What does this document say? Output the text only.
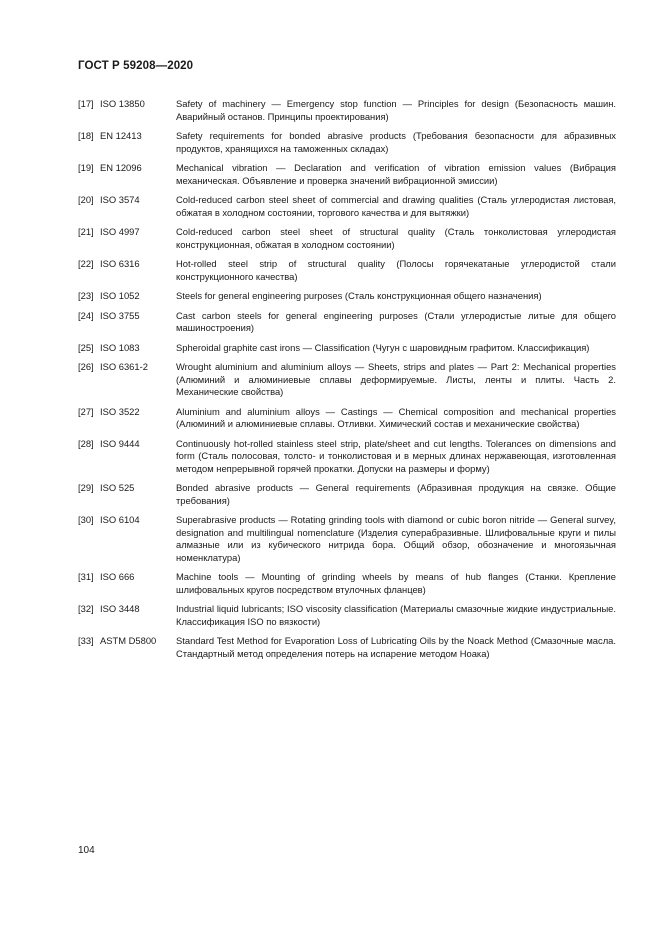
ГОСТ Р 59208—2020
[17] ISO 13850	Safety of machinery — Emergency stop function — Principles for design (Безопасность машин. Аварийный останов. Принципы проектирования)
[18] EN 12413	Safety requirements for bonded abrasive products (Требования безопасности для абразивных продуктов, хранящихся на таможенных складах)
[19] EN 12096	Mechanical vibration — Declaration and verification of vibration emission values (Вибрация механическая. Объявление и проверка значений вибрационной эмиссии)
[20] ISO 3574	Cold-reduced carbon steel sheet of commercial and drawing qualities (Сталь углеродистая листовая, обжатая в холодном состоянии, торгового качества и для вытяжки)
[21] ISO 4997	Cold-reduced carbon steel sheet of structural quality (Сталь тонколистовая углеродистая конструкционная, обжатая в холодном состоянии)
[22] ISO 6316	Hot-rolled steel strip of structural quality (Полосы горячекатаные углеродистой стали конструкционного качества)
[23] ISO 1052	Steels for general engineering purposes (Сталь конструкционная общего назначения)
[24] ISO 3755	Cast carbon steels for general engineering purposes (Стали углеродистые литые для общего машиностроения)
[25] ISO 1083	Spheroidal graphite cast irons — Classification (Чугун с шаровидным графитом. Классификация)
[26] ISO 6361-2	Wrought aluminium and aluminium alloys — Sheets, strips and plates — Part 2: Mechanical properties (Алюминий и алюминиевые сплавы деформируемые. Листы, ленты и плиты. Часть 2. Механические свойства)
[27] ISO 3522	Aluminium and aluminium alloys — Castings — Chemical composition and mechanical properties (Алюминий и алюминиевые сплавы. Отливки. Химический состав и механические свойства)
[28] ISO 9444	Continuously hot-rolled stainless steel strip, plate/sheet and cut lengths. Tolerances on dimensions and form (Сталь полосовая, толсто- и тонколистовая и в мерных длинах нержавеющая, изготовленная методом непрерывной горячей прокатки. Допуски на размеры и форму)
[29] ISO 525	Bonded abrasive products — General requirements (Абразивная продукция на связке. Общие требования)
[30] ISO 6104	Superabrasive products — Rotating grinding tools with diamond or cubic boron nitride — General survey, designation and multilingual nomenclature (Изделия суперабразивные. Шлифовальные круги и пилы алмазные или из кубического нитрида бора. Общий обзор, обозначение и многоязычная номенклатура)
[31] ISO 666	Machine tools — Mounting of grinding wheels by means of hub flanges (Станки. Крепление шлифовальных кругов посредством втулочных фланцев)
[32] ISO 3448	Industrial liquid lubricants; ISO viscosity classification (Материалы смазочные жидкие индустриальные. Классификация ISO по вязкости)
[33] ASTM D5800	Standard Test Method for Evaporation Loss of Lubricating Oils by the Noack Method (Смазочные масла. Стандартный метод определения потерь на испарение методом Ноака)
104
